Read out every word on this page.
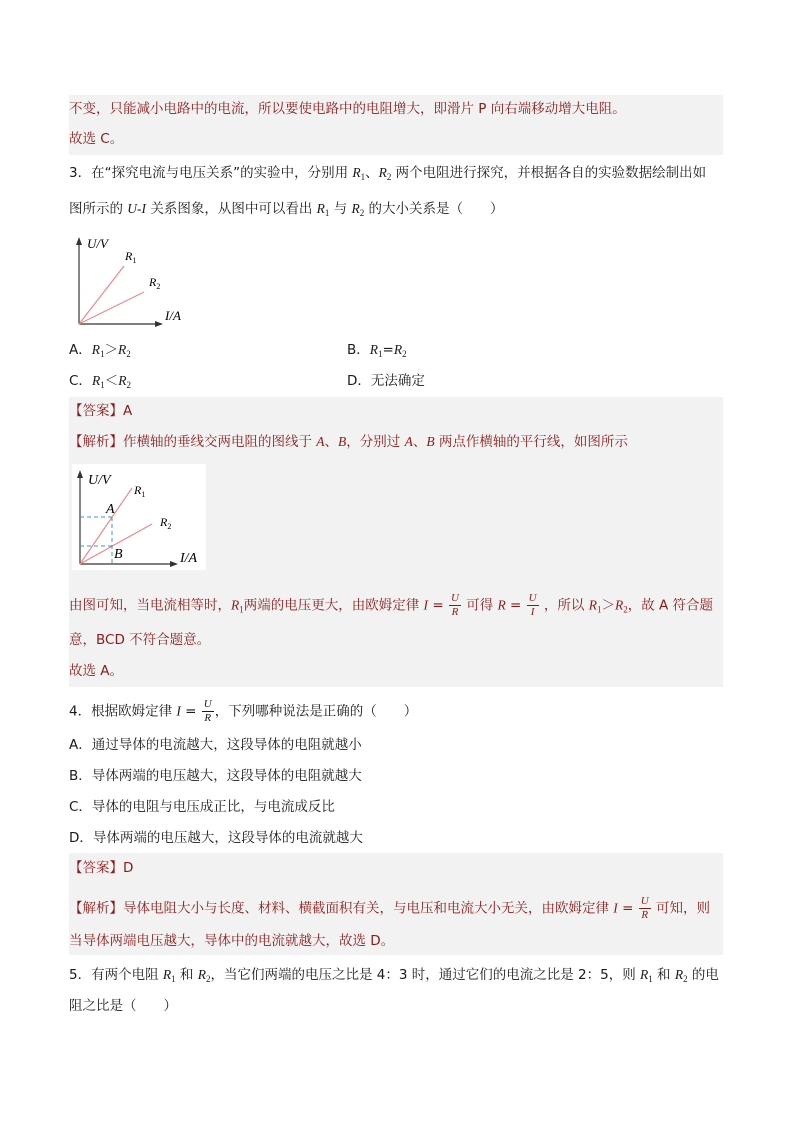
不变，只能减小电路中的电流，所以要使电路中的电阻增大，即滑片 P 向右端移动增大电阻。
故选 C。
3．在“探究电流与电压关系”的实验中，分别用 $R_1$、$R_2$ 两个电阻进行探究，并根据各自的实验数据绘制出如
图所示的 U-I 关系图象，从图中可以看出 $R_1$ 与 $R_2$ 的大小关系是（　　）
U/V
$R_1$
$R_2$
I/A
A．$R_1>R_2$	B．$R_1=R_2$
C．$R_1<R_2$	D．无法确定
【答案】A
【解析】作横轴的垂线交两电阻的图线于 A、B，分别过 A、B 两点作横轴的平行线，如图所示
U/V
$R_1$
$R_2$
A
B	I/A
由图可知，当电流相等时，$R_1$两端的电压更大，由欧姆定律 $I = \frac{U}{R}$ 可得 $R = \frac{U}{I}$ ，所以 $R_1>R_2$，故 A 符合题
意，BCD 不符合题意。
故选 A。
4．根据欧姆定律 $I = \frac{U}{R}$ ，下列哪种说法是正确的（　　）
A．通过导体的电流越大，这段导体的电阻就越小
B．导体两端的电压越大，这段导体的电阻就越大
C．导体的电阻与电压成正比，与电流成反比
D．导体两端的电压越大，这段导体的电流就越大
【答案】D
【解析】导体电阻大小与长度、材料、横截面积有关，与电压和电流大小无关，由欧姆定律 $I = \frac{U}{R}$ 可知，则
当导体两端电压越大，导体中的电流就越大，故选 D。
5．有两个电阻 $R_1$ 和 $R_2$，当它们两端的电压之比是 4：3 时，通过它们的电流之比是 2：5，则 $R_1$ 和 $R_2$ 的电
阻之比是（　　）
